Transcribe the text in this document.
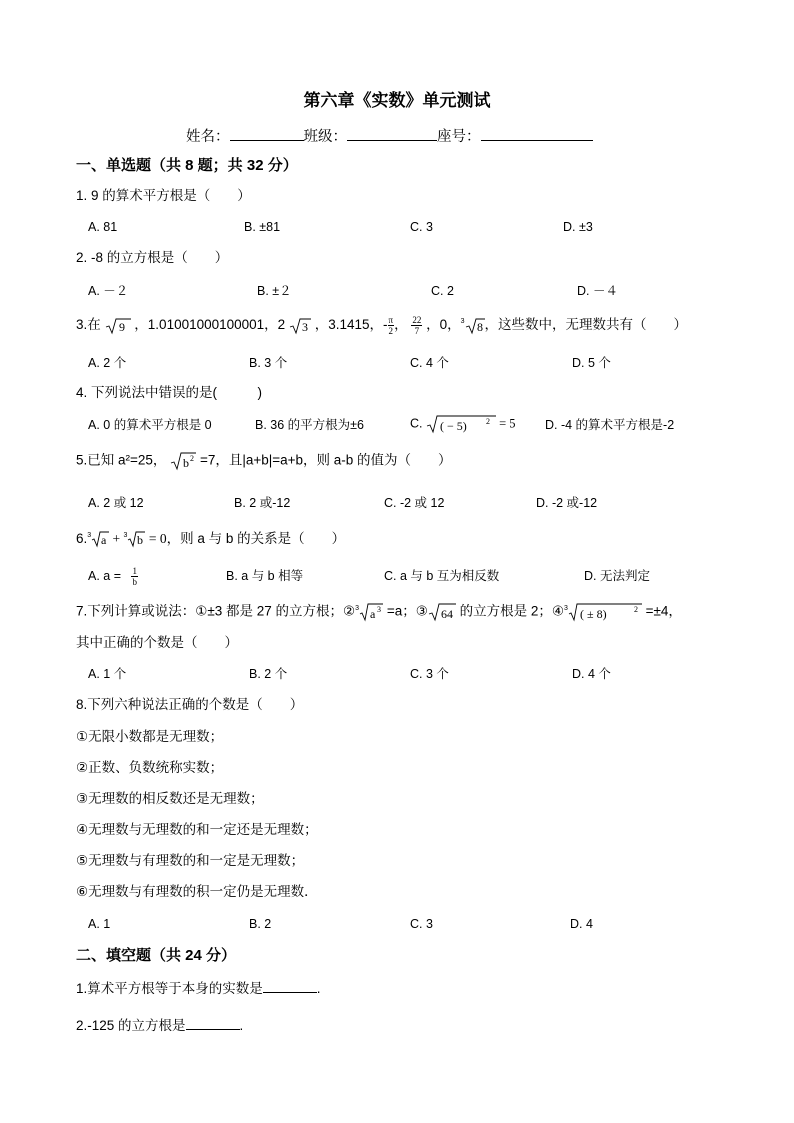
第六章《实数》单元测试
姓名：	班级：	座号：
一、单选题（共 8 题；共 32 分）
1. 9 的算术平方根是（　　）
A. 81	B. ±81	C. 3	D. ±3
2. -8 的立方根是（　　）
A. －２	B. ±２	C. 2	D. －４
3.在 9 ，1.01001000100001，2 3 ，3.1415，- $\frac{\pi}{2}$ ， $\frac{22}{7}$ ，0，$^3$ 8 ，这些数中，无理数共有（　　）
A. 2 个	B. 3 个	C. 4 个	D. 5 个
4. 下列说法中错误的是(　　　)
A. 0 的算术平方根是 0	B. 36 的平方根为±6	C. ( − 5) 2 = 5 D. -4 的算术平方根是-2
5.已知 a²=25， b 2 =7，且|a+b|=a+b，则 a-b 的值为（　　）
A. 2 或 12	B. 2 或-12	C. -2 或 12	D. -2 或-12
6.$^3$ a + $^3$ b = 0，则 a 与 b 的关系是（　　）
A. $a = \frac{1}{b}$	B. a 与 b 相等	C. a 与 b 互为相反数	D. 无法判定
7.下列计算或说法：①±3 都是 27 的立方根；②$^3$ a 3 =a；③ 64 的立方根是 2；④$^3$ ( ± 8)	2 =±4，
其中正确的个数是（　　）
A. 1 个	B. 2 个	C. 3 个	D. 4 个
8.下列六种说法正确的个数是（　　）
①无限小数都是无理数；
②正数、负数统称实数；
③无理数的相反数还是无理数；
④无理数与无理数的和一定还是无理数；
⑤无理数与有理数的和一定是无理数；
⑥无理数与有理数的积一定仍是无理数．
A. 1	B. 2	C. 3	D. 4
二、填空题（共 24 分）
1.算术平方根等于本身的实数是	.
2.-125 的立方根是	.
